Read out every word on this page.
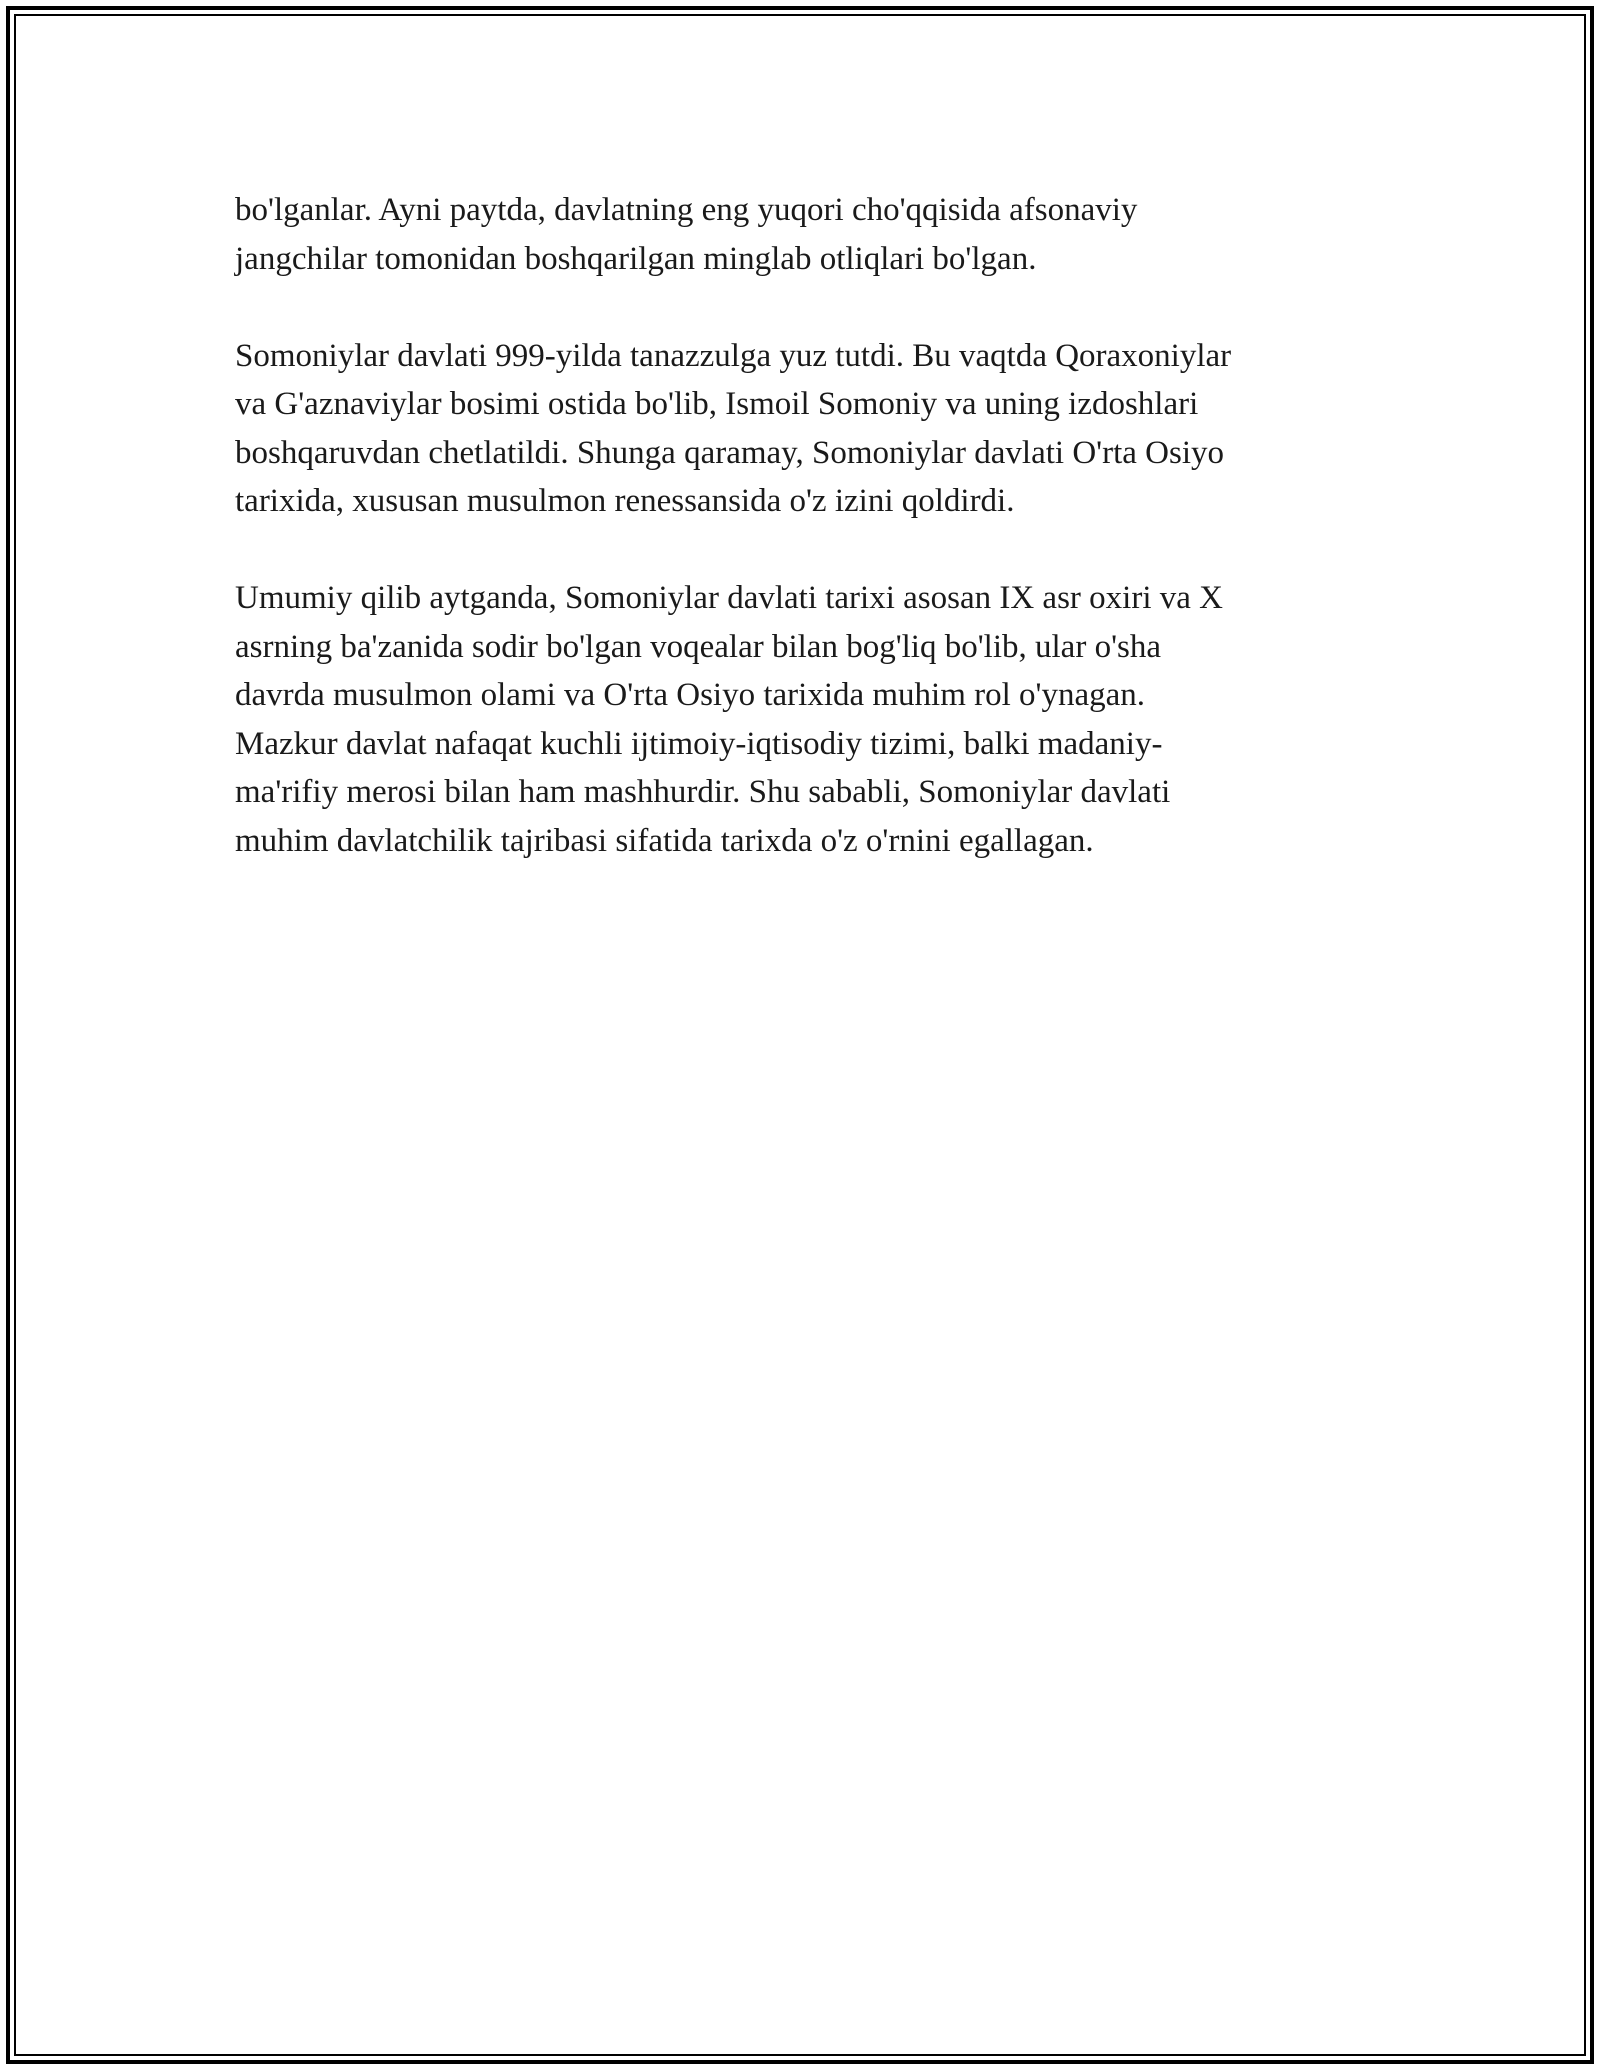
bo'lganlar. Ayni paytda, davlatning eng yuqori cho'qqisida afsonaviy
jangchilar tomonidan boshqarilgan minglab otliqlari bo'lgan.

Somoniylar davlati 999-yilda tanazzulga yuz tutdi. Bu vaqtda Qoraxoniylar
va G'aznaviylar bosimi ostida bo'lib, Ismoil Somoniy va uning izdoshlari
boshqaruvdan chetlatildi. Shunga qaramay, Somoniylar davlati O'rta Osiyo
tarixida, xususan musulmon renessansida o'z izini qoldirdi.

Umumiy qilib aytganda, Somoniylar davlati tarixi asosan IX asr oxiri va X
asrning ba'zanida sodir bo'lgan voqealar bilan bog'liq bo'lib, ular o'sha
davrda musulmon olami va O'rta Osiyo tarixida muhim rol o'ynagan.
Mazkur davlat nafaqat kuchli ijtimoiy-iqtisodiy tizimi, balki madaniy-
ma'rifiy merosi bilan ham mashhurdir. Shu sababli, Somoniylar davlati
muhim davlatchilik tajribasi sifatida tarixda o'z o'rnini egallagan.
